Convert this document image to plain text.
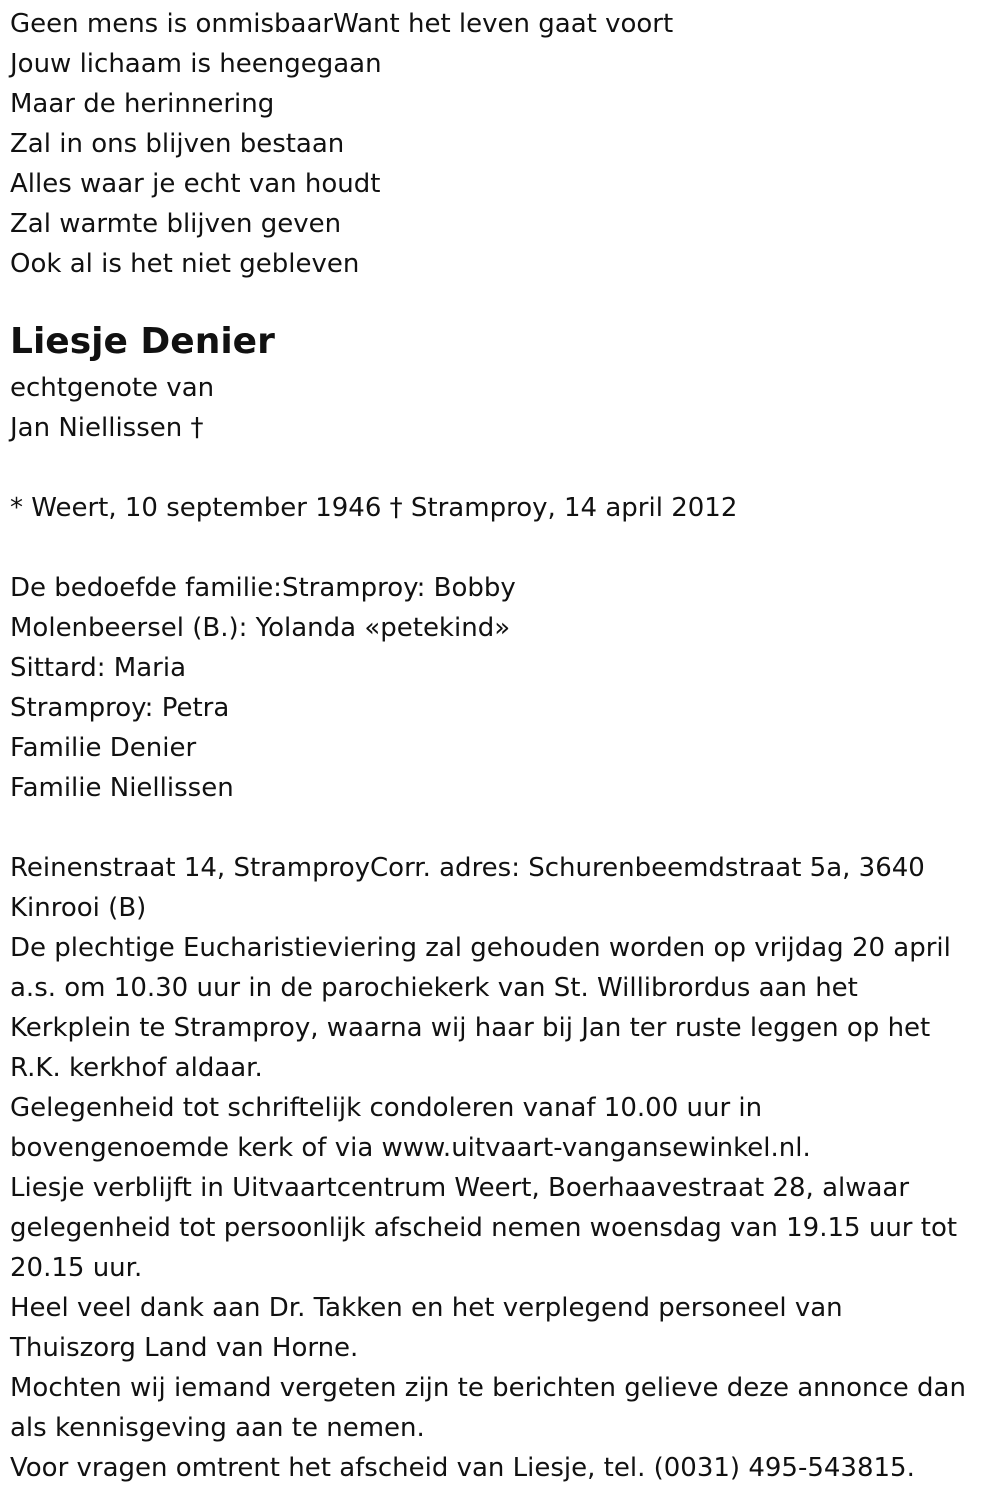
Geen mens is onmisbaarWant het leven gaat voort
Jouw lichaam is heengegaan
Maar de herinnering
Zal in ons blijven bestaan
Alles waar je echt van houdt
Zal warmte blijven geven
Ook al is het niet gebleven
Liesje Denier
echtgenote van
Jan Niellissen †
* Weert, 10 september 1946 † Stramproy, 14 april 2012
De bedoefde familie:Stramproy: Bobby
Molenbeersel (B.): Yolanda «petekind»
Sittard: Maria
Stramproy: Petra
Familie Denier
Familie Niellissen
Reinenstraat 14, StramproyCorr. adres: Schurenbeemdstraat 5a, 3640
Kinrooi (B)
De plechtige Eucharistieviering zal gehouden worden op vrijdag 20 april
a.s. om 10.30 uur in de parochiekerk van St. Willibrordus aan het
Kerkplein te Stramproy, waarna wij haar bij Jan ter ruste leggen op het
R.K. kerkhof aldaar.
Gelegenheid tot schriftelijk condoleren vanaf 10.00 uur in
bovengenoemde kerk of via www.uitvaart-vangansewinkel.nl.
Liesje verblijft in Uitvaartcentrum Weert, Boerhaavestraat 28, alwaar
gelegenheid tot persoonlijk afscheid nemen woensdag van 19.15 uur tot
20.15 uur.
Heel veel dank aan Dr. Takken en het verplegend personeel van
Thuiszorg Land van Horne.
Mochten wij iemand vergeten zijn te berichten gelieve deze annonce dan
als kennisgeving aan te nemen.
Voor vragen omtrent het afscheid van Liesje, tel. (0031) 495-543815.
